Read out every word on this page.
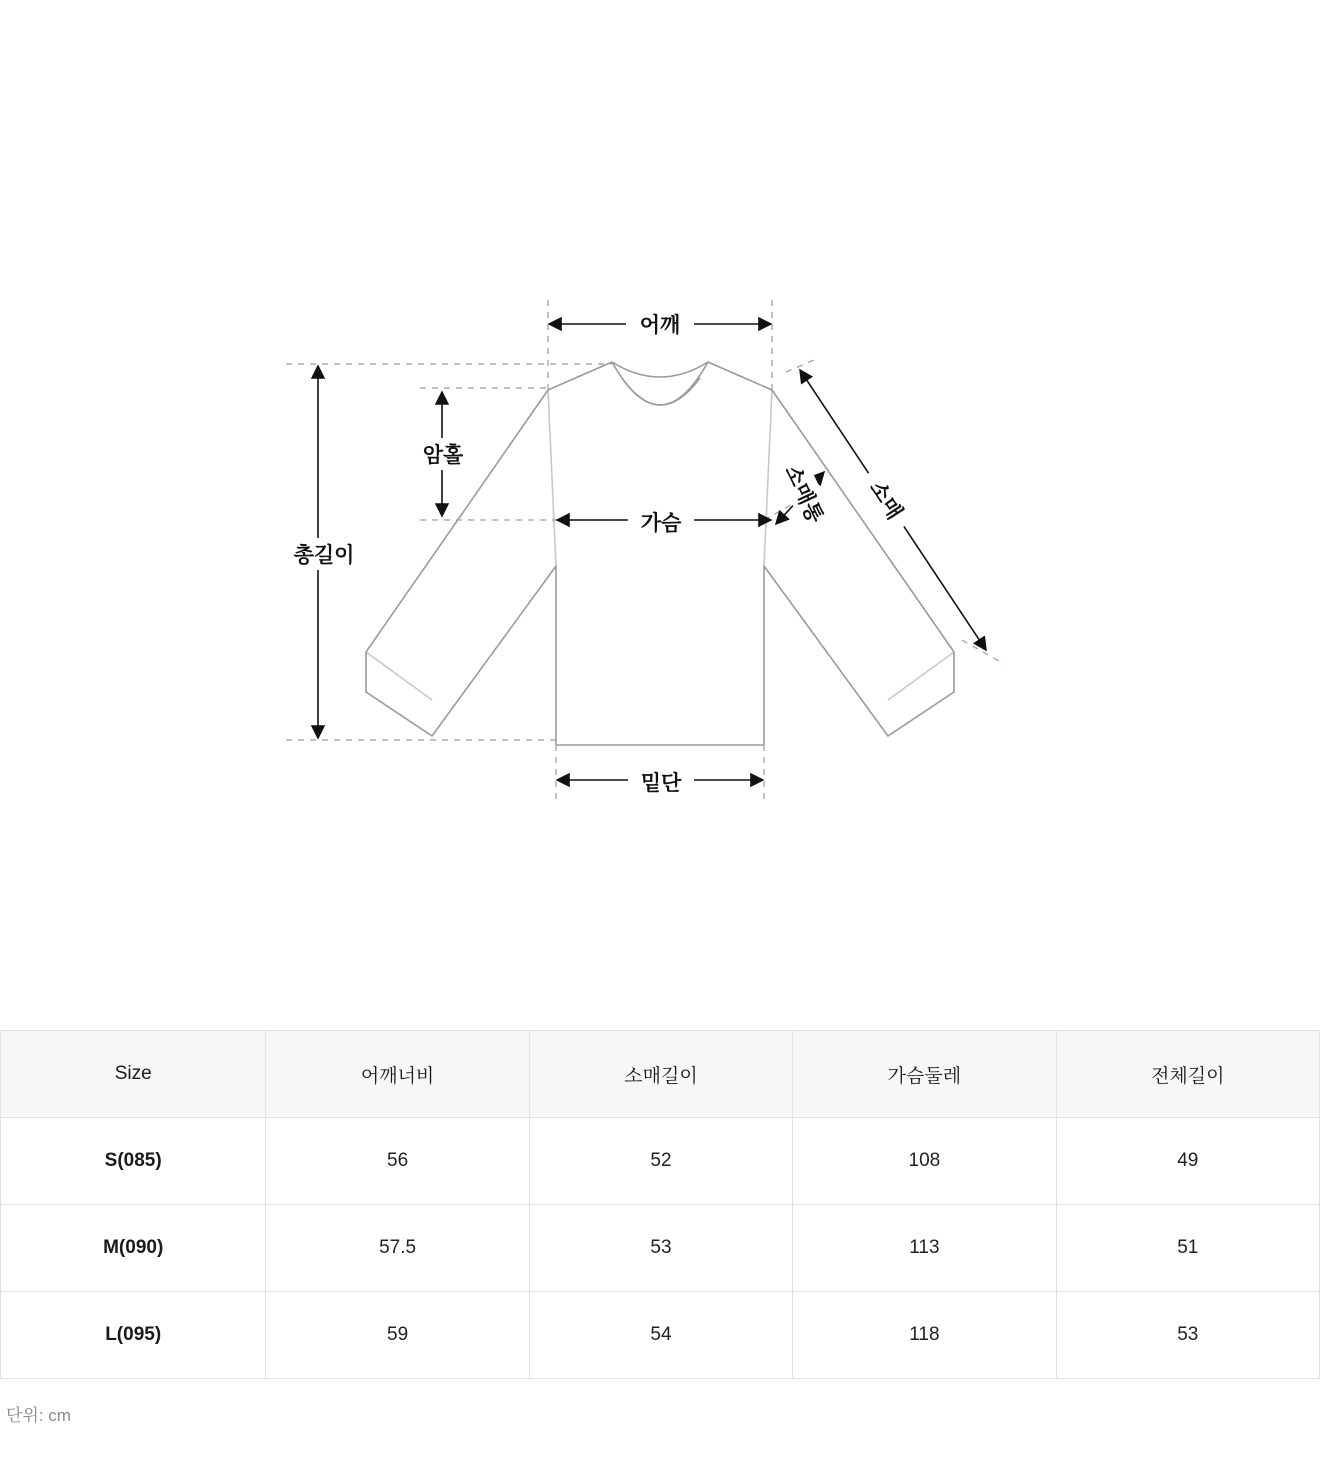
어깨
암홀
가슴
총길이
밑단
소매통 소매
Size	어깨너비	소매길이	가슴둘레	전체길이
S(085)	56	52	108	49
M(090)	57.5	53	113	51
L(095)	59	54	118	53
단위: cm
